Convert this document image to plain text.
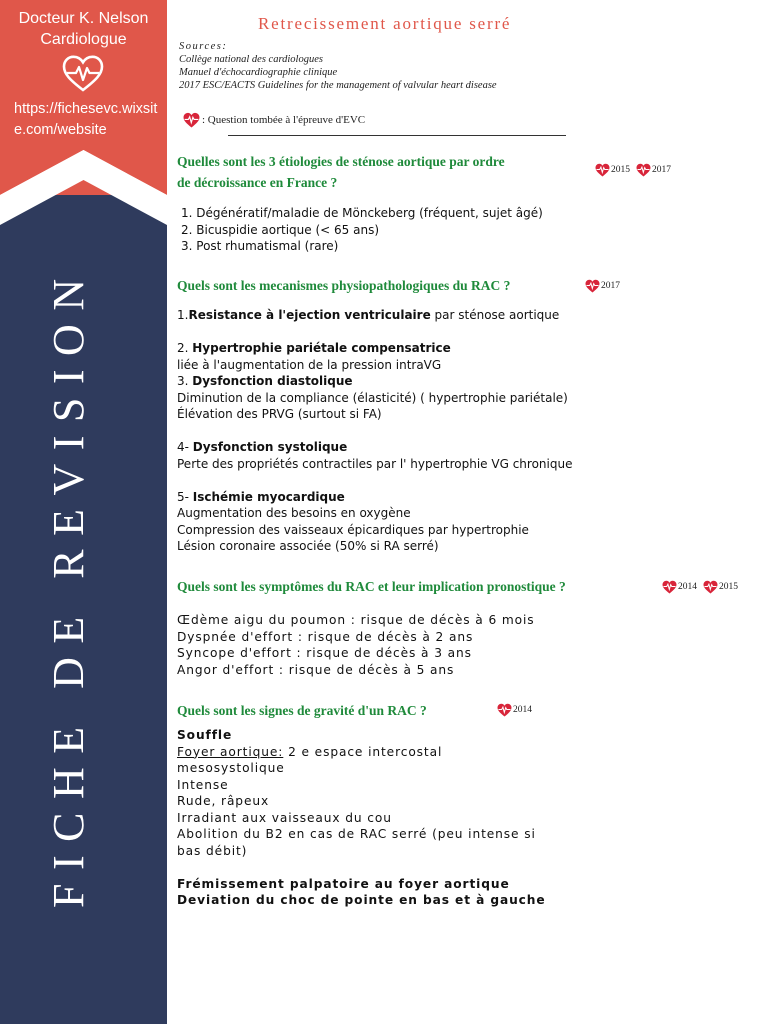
Docteur K. Nelson
Cardiologue
https://fichesevc.wixsite.com/website
FICHE DE REVISION
Retrecissement aortique serré
Sources:
Collège national des cardiologues
Manuel d'échocardiographie clinique
2017 ESC/EACTS Guidelines for the management of valvular heart disease
: Question tombée à l'épreuve d'EVC
Quelles sont les 3 étiologies de sténose aortique par ordre
de décroissance en France ?
2015 2017
1. Dégénératif/maladie de Mönckeberg (fréquent, sujet âgé)
2. Bicuspidie aortique (< 65 ans)
3. Post rhumatismal (rare)
Quels sont les mecanismes physiopathologiques du RAC ?	2017
1.Resistance à l'ejection ventriculaire par sténose aortique
2. Hypertrophie pariétale compensatrice
liée à l'augmentation de la pression intraVG
3. Dysfonction diastolique
Diminution de la compliance (élasticité) ( hypertrophie pariétale)
Élévation des PRVG (surtout si FA)
4- Dysfonction systolique
Perte des propriétés contractiles par l' hypertrophie VG chronique
5- Ischémie myocardique
Augmentation des besoins en oxygène
Compression des vaisseaux épicardiques par hypertrophie
Lésion coronaire associée (50% si RA serré)
Quels sont les symptômes du RAC et leur implication pronostique ?	2014 2015
Œdème aigu du poumon : risque de décès à 6 mois
Dyspnée d'effort : risque de décès à 2 ans
Syncope d'effort : risque de décès à 3 ans
Angor d'effort : risque de décès à 5 ans
Quels sont les signes de gravité d'un RAC ?	2014
Souffle
Foyer aortique: 2 e espace intercostal
mesosystolique
Intense
Rude, râpeux
Irradiant aux vaisseaux du cou
Abolition du B2 en cas de RAC serré (peu intense si
bas débit)
Frémissement palpatoire au foyer aortique
Deviation du choc de pointe en bas et à gauche
